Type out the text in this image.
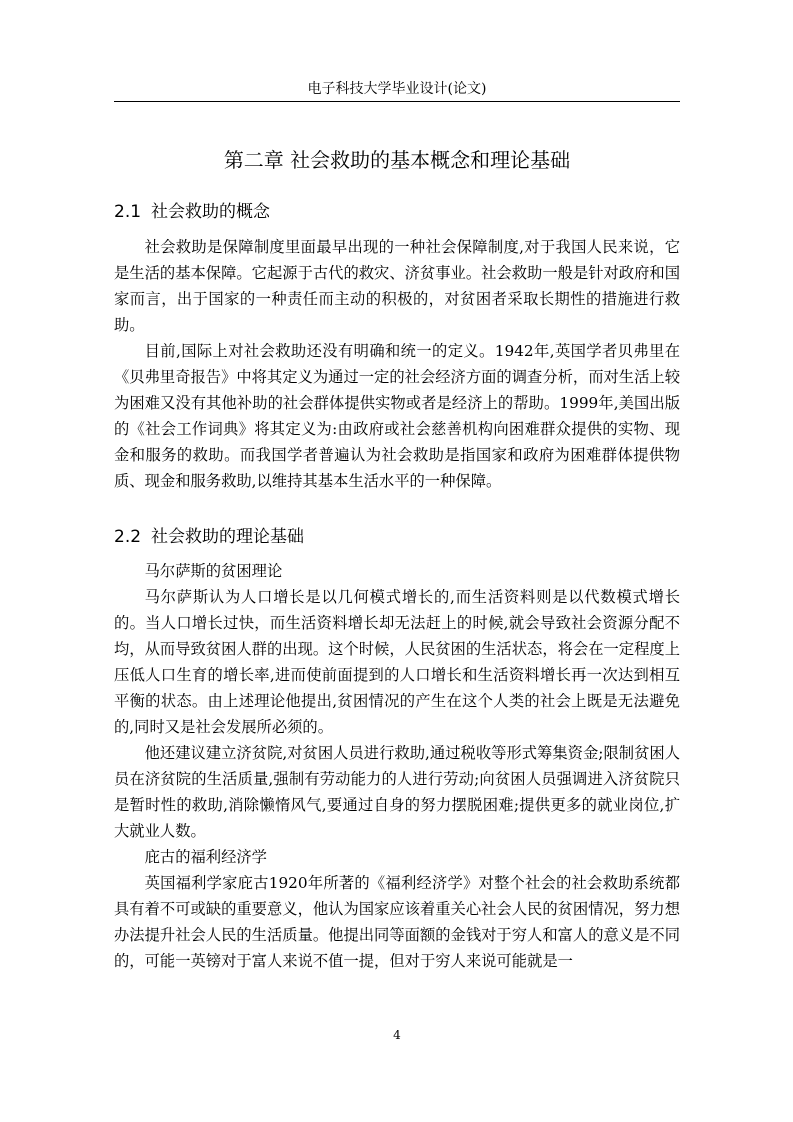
电子科技大学毕业设计(论文)
第二章 社会救助的基本概念和理论基础
2.1 社会救助的概念

社会救助是保障制度里面最早出现的一种社会保障制度,对于我国人民来说，它是生活的基本保障。它起源于古代的救灾、济贫事业。社会救助一般是针对政府和国家而言，出于国家的一种责任而主动的积极的，对贫困者采取长期性的措施进行救助。

目前,国际上对社会救助还没有明确和统一的定义。1942年,英国学者贝弗里在《贝弗里奇报告》中将其定义为通过一定的社会经济方面的调查分析，而对生活上较为困难又没有其他补助的社会群体提供实物或者是经济上的帮助。1999年,美国出版的《社会工作词典》将其定义为:由政府或社会慈善机构向困难群众提供的实物、现金和服务的救助。而我国学者普遍认为社会救助是指国家和政府为困难群体提供物质、现金和服务救助,以维持其基本生活水平的一种保障。

2.2 社会救助的理论基础

马尔萨斯的贫困理论

马尔萨斯认为人口增长是以几何模式增长的,而生活资料则是以代数模式增长的。当人口增长过快，而生活资料增长却无法赶上的时候,就会导致社会资源分配不均，从而导致贫困人群的出现。这个时候，人民贫困的生活状态，将会在一定程度上压低人口生育的增长率,进而使前面提到的人口增长和生活资料增长再一次达到相互平衡的状态。由上述理论他提出,贫困情况的产生在这个人类的社会上既是无法避免的,同时又是社会发展所必须的。

他还建议建立济贫院,对贫困人员进行救助,通过税收等形式筹集资金;限制贫困人员在济贫院的生活质量,强制有劳动能力的人进行劳动;向贫困人员强调进入济贫院只是暂时性的救助,消除懒惰风气,要通过自身的努力摆脱困难;提供更多的就业岗位,扩大就业人数。

庇古的福利经济学

英国福利学家庇古1920年所著的《福利经济学》对整个社会的社会救助系统都具有着不可或缺的重要意义，他认为国家应该着重关心社会人民的贫困情况，努力想办法提升社会人民的生活质量。他提出同等面额的金钱对于穷人和富人的意义是不同的，可能一英镑对于富人来说不值一提，但对于穷人来说可能就是一

4
